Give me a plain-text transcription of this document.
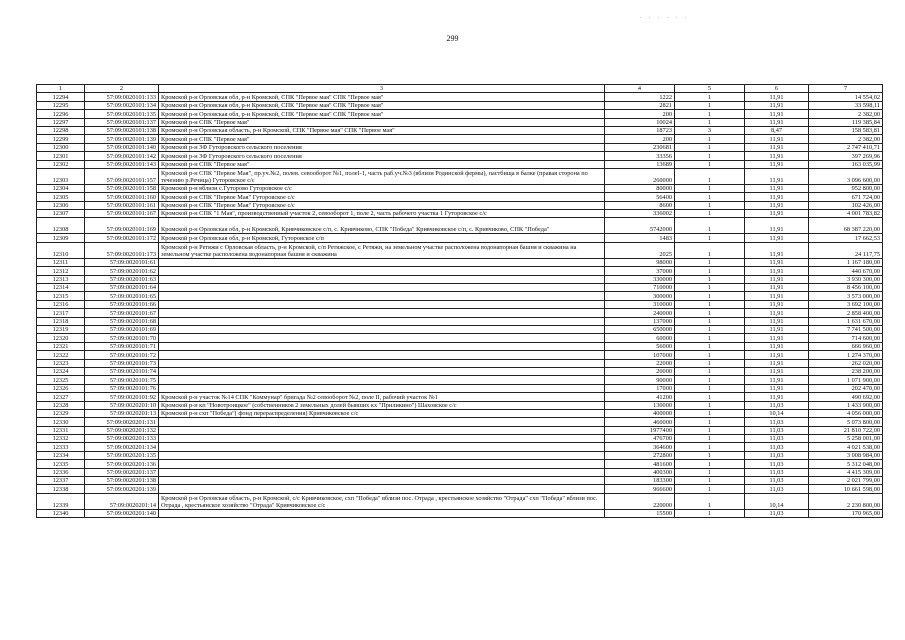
. . . . . .
299
1	2	3	4	5	6	7
12294	57:09:0020101:133	Кромской р-н Орловская обл, р-н Кромской, СПК "Первое мая" СПК "Первое мая"	1222	1	11,91	14 554,02
12295	57:09:0020101:134	Кромской р-н Орловская обл, р-н Кромской, СПК "Первое мая" СПК "Первое мая"	2821	1	11,91	33 598,11
12296	57:09:0020101:135	Кромской р-н Орловская обл, р-н Кромской, СПК "Первое мая" СПК "Первое мая"	200	1	11,91	2 382,00
12297	57:09:0020101:137	Кромской р-н СПК "Первое мая"	10024	1	11,91	119 385,84
12298	57:09:0020101:138	Кромской р-н Орловская область, р-н Кромской, СПК "Первое мая" СПК "Первое мая"	18723	3	8,47	158 583,81
12299	57:09:0020101:139	Кромской р-н СПК "Первое мая"	200	1	11,91	2 382,00
12300	57:09:0020101:140	Кромской р-н ЗФ Гуторовского сельского поселения	230681	1	11,91	2 747 410,71
12301	57:09:0020101:142	Кромской р-н ЗФ Гуторовского сельского поселения	33356	1	11,91	397 269,96
12302	57:09:0020101:143	Кромской р-н СПК "Первое мая"	13689	1	11,91	163 035,99
12303	57:09:0020101:157	Кромской р-н СПК "Первое Мая", пр.уч.№2, полев. севооборот №1, полеI-1, часть раб.уч.№3 (вблизи Родинской фермы), пастбища в балке (правая сторона по течению р.Речица) Гуторовское с/с	260000	1	11,91	3 096 600,00
12304	57:09:0020101:158	Кромской р-н вблизи с.Гуторово Гуторовское с/с	80000	1	11,91	952 800,00
12305	57:09:0020101:160	Кромской р-н СПК "Первое Мая" Гуторовское с/с	56400	1	11,91	671 724,00
12306	57:09:0020101:161	Кромской р-н СПК "Первое Мая" Гуторовское с/с	8600	1	11,91	102 426,00
12307	57:09:0020101:167	Кромской р-н СПК "1 Мая", производственный участок 2, севооборот 1, поле 2, часть рабочего участка 1 Гуторовское с/с	336002	1	11,91	4 001 783,82
12308	57:09:0020101:169	Кромской р-н Орловская обл, р-н Кромской, Кривчиковское с/п, с. Кривчиково, СПК "Победа" Кривчиковское с/п, с. Кривчиково, СПК "Победа"	5742000	1	11,91	68 387 220,00
12309	57:09:0020101:172	Кромской р-н Орловская обл, р-н Кромской, Гуторовское с/п	1483	1	11,91	17 662,53
12310	57:09:0020101:173	Кромской р-н Ретяжи с Орловская область, р-н Кромской, с/п Ретяжское, с Ретяжи, на земельном участке расположена водонапорная башня и скважина на земельном участке расположена водонапорная башня и скважина	2025	1	11,91	24 117,75
12311	57:09:0020101:61		98000	1	11,91	1 167 180,00
12312	57:09:0020101:62		37000	1	11,91	440 670,00
12313	57:09:0020101:63		330000	1	11,91	3 930 300,00
12314	57:09:0020101:64		710000	1	11,91	8 456 100,00
12315	57:09:0020101:65		300000	1	11,91	3 573 000,00
12316	57:09:0020101:66		310000	1	11,91	3 692 100,00
12317	57:09:0020101:67		240000	1	11,91	2 858 400,00
12318	57:09:0020101:68		137000	1	11,91	1 631 670,00
12319	57:09:0020101:69		650000	1	11,91	7 741 500,00
12320	57:09:0020101:70		60000	1	11,91	714 600,00
12321	57:09:0020101:71		56000	1	11,91	666 960,00
12322	57:09:0020101:72		107000	1	11,91	1 274 370,00
12323	57:09:0020101:73		22000	1	11,91	262 020,00
12324	57:09:0020101:74		20000	1	11,91	238 200,00
12325	57:09:0020101:75		90000	1	11,91	1 071 900,00
12326	57:09:0020101:76		17000	1	11,91	202 470,00
12327	57:09:0020101:92	Кромской р-н участок №14 СПК "Коммунар" бригада №2 севооборот №2, поле II, рабочий участок №1	41200	1	11,91	490 692,00
12328	57:09:0020201:10	Кромской р-н кп "Новотроицкое" (собственников 2 земельных долей бывших кх "Приликино") Шаховское с/с	130000	1	11,03	1 433 900,00
12329	57:09:0020201:13	Кромской р-н схп "Победа"( фонд перераспределения) Кривчиковское с/с	400000	1	10,14	4 056 000,00
12330	57:09:0020201:131		460000	1	11,03	5 073 800,00
12331	57:09:0020201:132		1977400	1	11,03	21 810 722,00
12332	57:09:0020201:133		476700	1	11,03	5 258 001,00
12333	57:09:0020201:134		364600	1	11,03	4 021 538,00
12334	57:09:0020201:135		272800	1	11,03	3 008 984,00
12335	57:09:0020201:136		481600	1	11,03	5 312 048,00
12336	57:09:0020201:137		400300	1	11,03	4 415 309,00
12337	57:09:0020201:138		183300	1	11,03	2 021 799,00
12338	57:09:0020201:139		966600	1	11,03	10 661 598,00
12339	57:09:0020201:14	Кромской р-н Орловская область, р-н Кромской, с/с Кривчиковское, схп "Победа" вблизи пос. Отрада , крестьянское хозяйство "Отрада" схп "Победа" вблизи пос. Отрада , крестьянское хозяйство "Отрада" Кривчиковское с/с	220000	1	10,14	2 230 800,00
12340	57:09:0020201:140		15500	1	11,03	170 965,00
